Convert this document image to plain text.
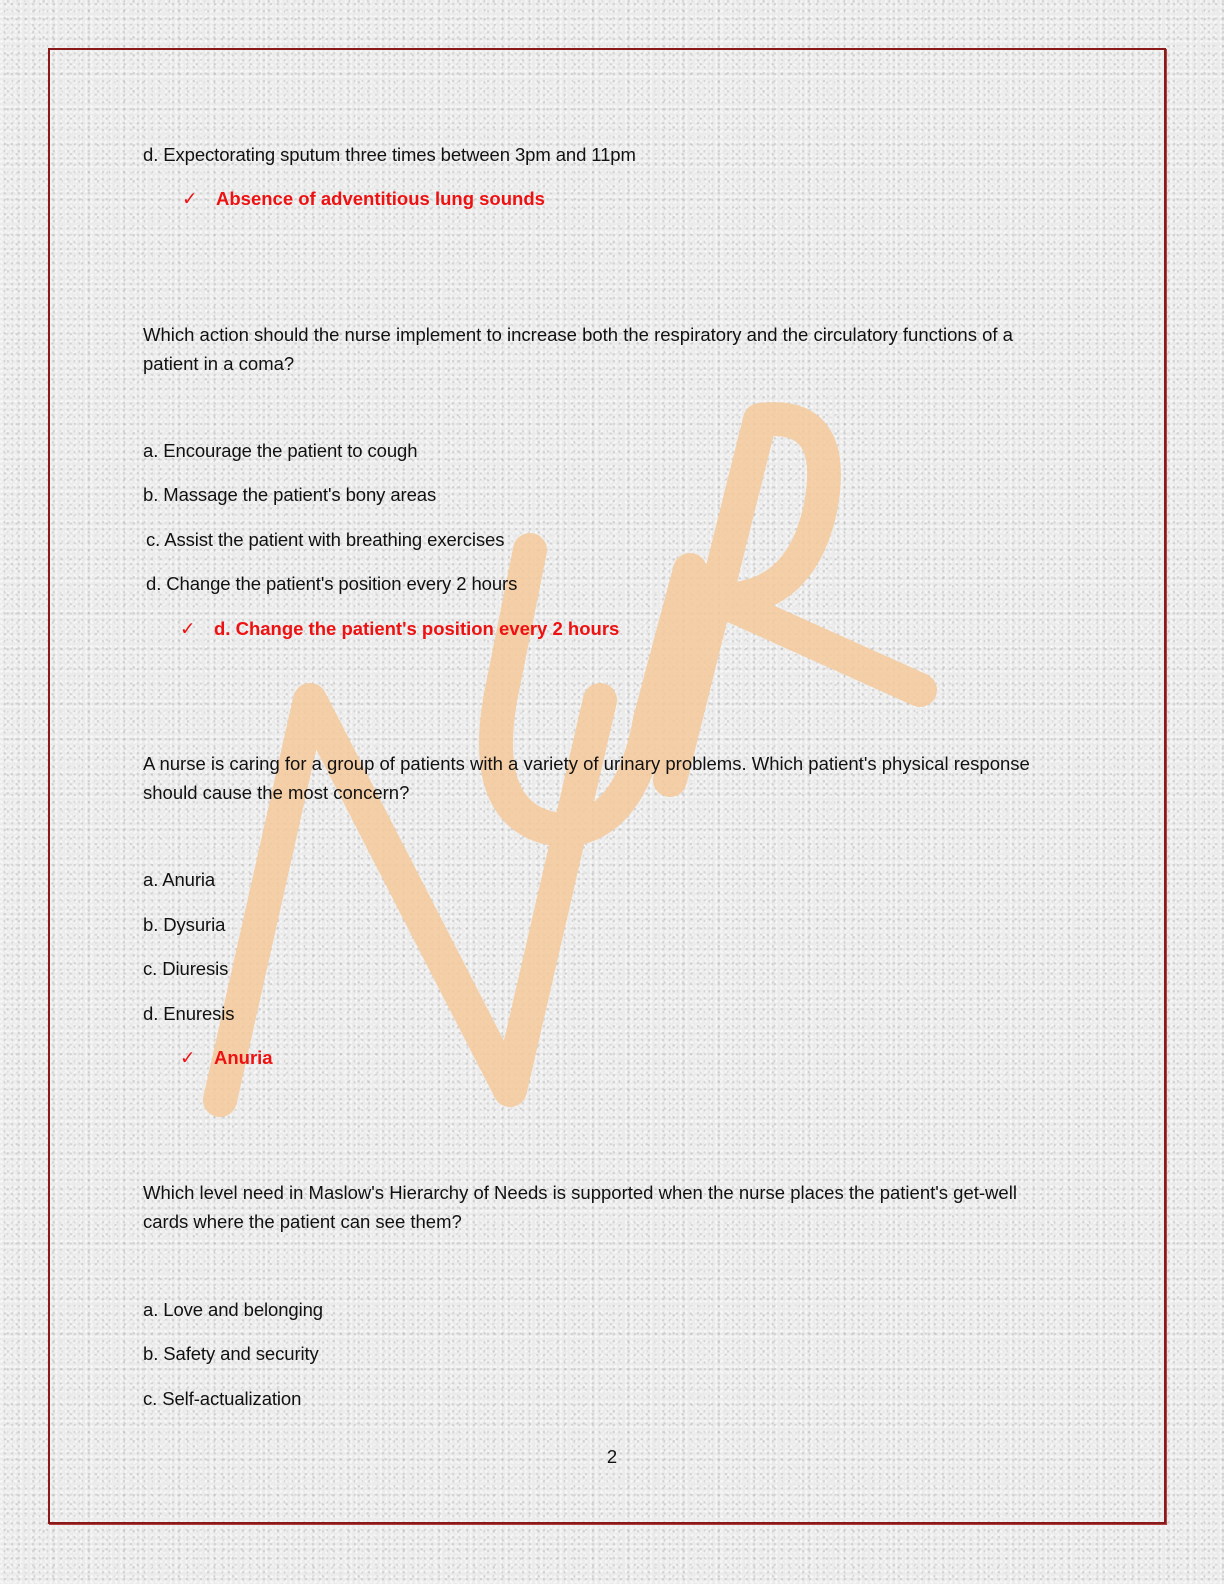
d. Expectorating sputum three times between 3pm and 11pm
✓ Absence of adventitious lung sounds
Which action should the nurse implement to increase both the respiratory and the circulatory functions of a patient in a coma?
a. Encourage the patient to cough
b. Massage the patient's bony areas
c. Assist the patient with breathing exercises
d. Change the patient's position every 2 hours
✓ d. Change the patient's position every 2 hours
A nurse is caring for a group of patients with a variety of urinary problems. Which patient's physical response should cause the most concern?
a. Anuria
b. Dysuria
c. Diuresis
d. Enuresis
✓ Anuria
Which level need in Maslow's Hierarchy of Needs is supported when the nurse places the patient's get-well cards where the patient can see them?
a. Love and belonging
b. Safety and security
c. Self-actualization
2
